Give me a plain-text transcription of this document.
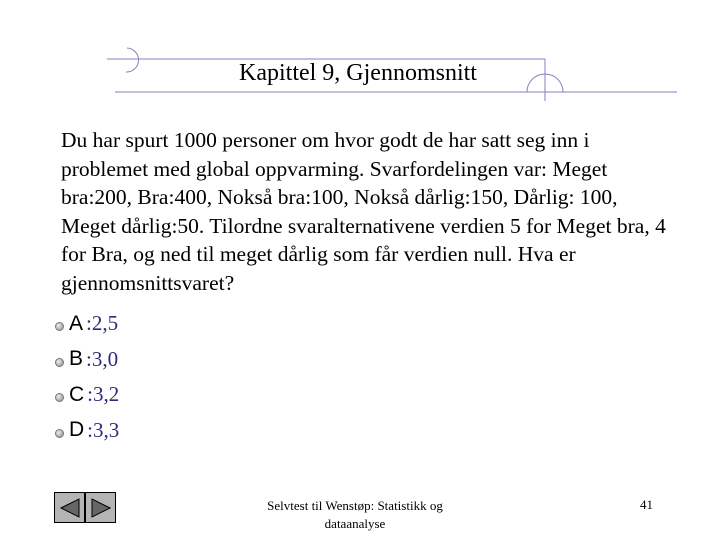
Kapittel 9, Gjennomsnitt
Du har spurt 1000 personer om hvor godt de har satt seg inn i problemet med global oppvarming. Svarfordelingen var: Meget bra:200, Bra:400, Nokså bra:100, Nokså dårlig:150, Dårlig: 100, Meget dårlig:50. Tilordne svaralternativene verdien 5 for Meget bra, 4 for Bra, og ned til meget dårlig som får verdien null. Hva er gjennomsnittsvaret?
A :2,5
B :3,0
C :3,2
D :3,3
Selvtest til Wenstøp: Statistikk og dataanalyse
41
